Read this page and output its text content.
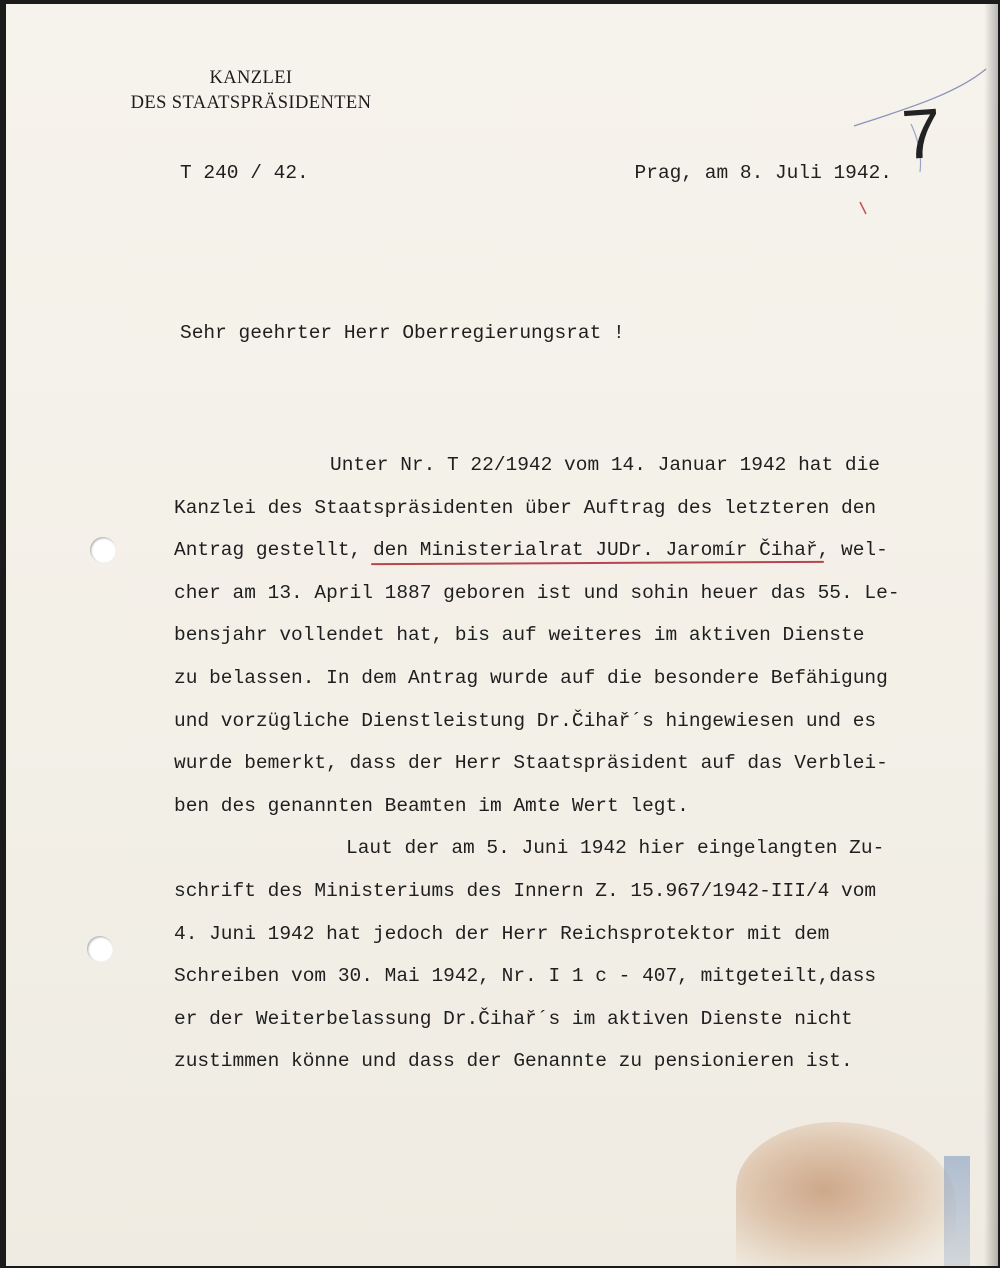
KANZLEI
DES STAATSPRÄSIDENTEN	7
T 240 / 42.	Prag, am 8. Juli 1942.
Sehr geehrter Herr Oberregierungsrat !
Unter Nr. T 22/1942 vom 14. Januar 1942 hat die
Kanzlei des Staatspräsidenten über Auftrag des letzteren den
Antrag gestellt, den Ministerialrat JUDr. Jaromír Čihař, wel-
cher am 13. April 1887 geboren ist und sohin heuer das 55. Le-
bensjahr vollendet hat, bis auf weiteres im aktiven Dienste
zu belassen. In dem Antrag wurde auf die besondere Befähigung
und vorzügliche Dienstleistung Dr.Čihař´s hingewiesen und es
wurde bemerkt, dass der Herr Staatspräsident auf das Verblei-
ben des genannten Beamten im Amte Wert legt.
Laut der am 5. Juni 1942 hier eingelangten Zu-
schrift des Ministeriums des Innern Z. 15.967/1942-III/4 vom
4. Juni 1942 hat jedoch der Herr Reichsprotektor mit dem
Schreiben vom 30. Mai 1942, Nr. I 1 c - 407, mitgeteilt,dass
er der Weiterbelassung Dr.Čihař´s im aktiven Dienste nicht
zustimmen könne und dass der Genannte zu pensionieren ist.
